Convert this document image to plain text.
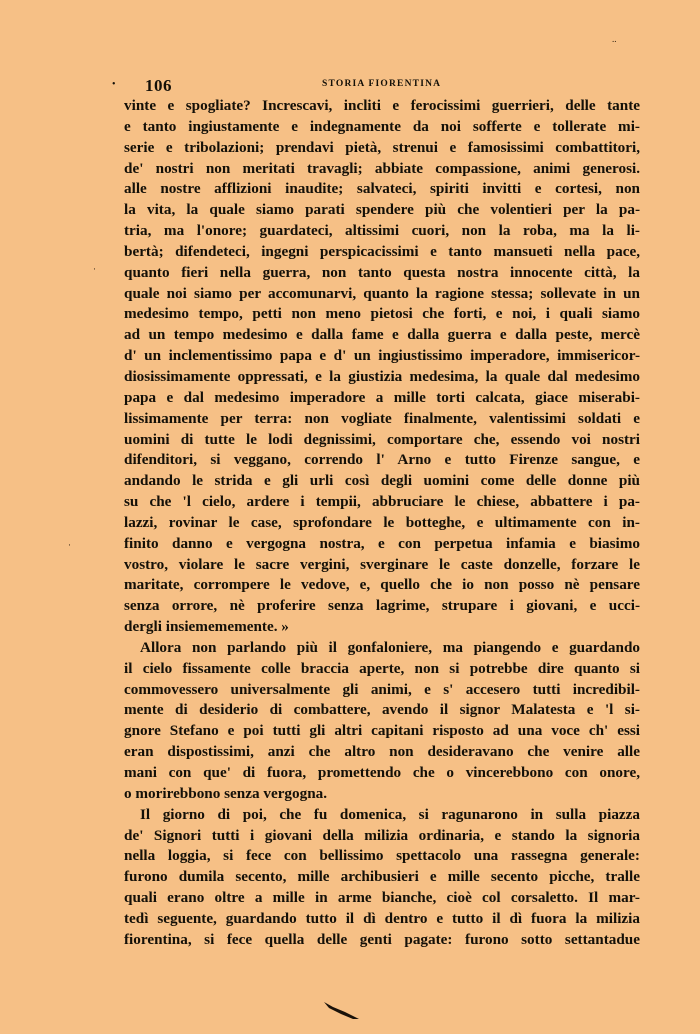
..
• 106	STORIA FIORENTINA
·
·
vinte e spogliate? Increscavi, incliti e ferocissimi guerrieri, delle tante
e tanto ingiustamente e indegnamente da noi sofferte e tollerate mi-
serie e tribolazioni; prendavi pietà, strenui e famosissimi combattitori,
de' nostri non meritati travagli; abbiate compassione, animi generosi.
alle nostre afflizioni inaudite; salvateci, spiriti invitti e cortesi, non
la vita, la quale siamo parati spendere più che volentieri per la pa-
tria, ma l'onore; guardateci, altissimi cuori, non la roba, ma la li-
bertà; difendeteci, ingegni perspicacissimi e tanto mansueti nella pace,
quanto fieri nella guerra, non tanto questa nostra innocente città, la
quale noi siamo per accomunarvi, quanto la ragione stessa; sollevate in un
medesimo tempo, petti non meno pietosi che forti, e noi, i quali siamo
ad un tempo medesimo e dalla fame e dalla guerra e dalla peste, mercè
d' un inclementissimo papa e d' un ingiustissimo imperadore, immisericor-
diosissimamente oppressati, e la giustizia medesima, la quale dal medesimo
papa e dal medesimo imperadore a mille torti calcata, giace miserabi-
lissimamente per terra: non vogliate finalmente, valentissimi soldati e
uomini di tutte le lodi degnissimi, comportare che, essendo voi nostri
difenditori, si veggano, correndo l' Arno e tutto Firenze sangue, e
andando le strida e gli urli così degli uomini come delle donne più
su che 'l cielo, ardere i tempii, abbruciare le chiese, abbattere i pa-
lazzi, rovinar le case, sprofondare le botteghe, e ultimamente con in-
finito danno e vergogna nostra, e con perpetua infamia e biasimo
vostro, violare le sacre vergini, sverginare le caste donzelle, forzare le
maritate, corrompere le vedove, e, quello che io non posso nè pensare
senza orrore, nè proferire senza lagrime, strupare i giovani, e ucci-
dergli insiemememente. »
Allora non parlando più il gonfaloniere, ma piangendo e guardando
il cielo fissamente colle braccia aperte, non si potrebbe dire quanto si
commovessero universalmente gli animi, e s' accesero tutti incredibil-
mente di desiderio di combattere, avendo il signor Malatesta e 'l si-
gnore Stefano e poi tutti gli altri capitani risposto ad una voce ch' essi
eran dispostissimi, anzi che altro non desideravano che venire alle
mani con que' di fuora, promettendo che o vincerebbono con onore,
o morirebbono senza vergogna.
Il giorno di poi, che fu domenica, si ragunarono in sulla piazza
de' Signori tutti i giovani della milizia ordinaria, e stando la signoria
nella loggia, si fece con bellissimo spettacolo una rassegna generale:
furono dumila secento, mille archibusieri e mille secento picche, tralle
quali erano oltre a mille in arme bianche, cioè col corsaletto. Il mar-
tedì seguente, guardando tutto il dì dentro e tutto il dì fuora la milizia
fiorentina, si fece quella delle genti pagate: furono sotto settantadue
